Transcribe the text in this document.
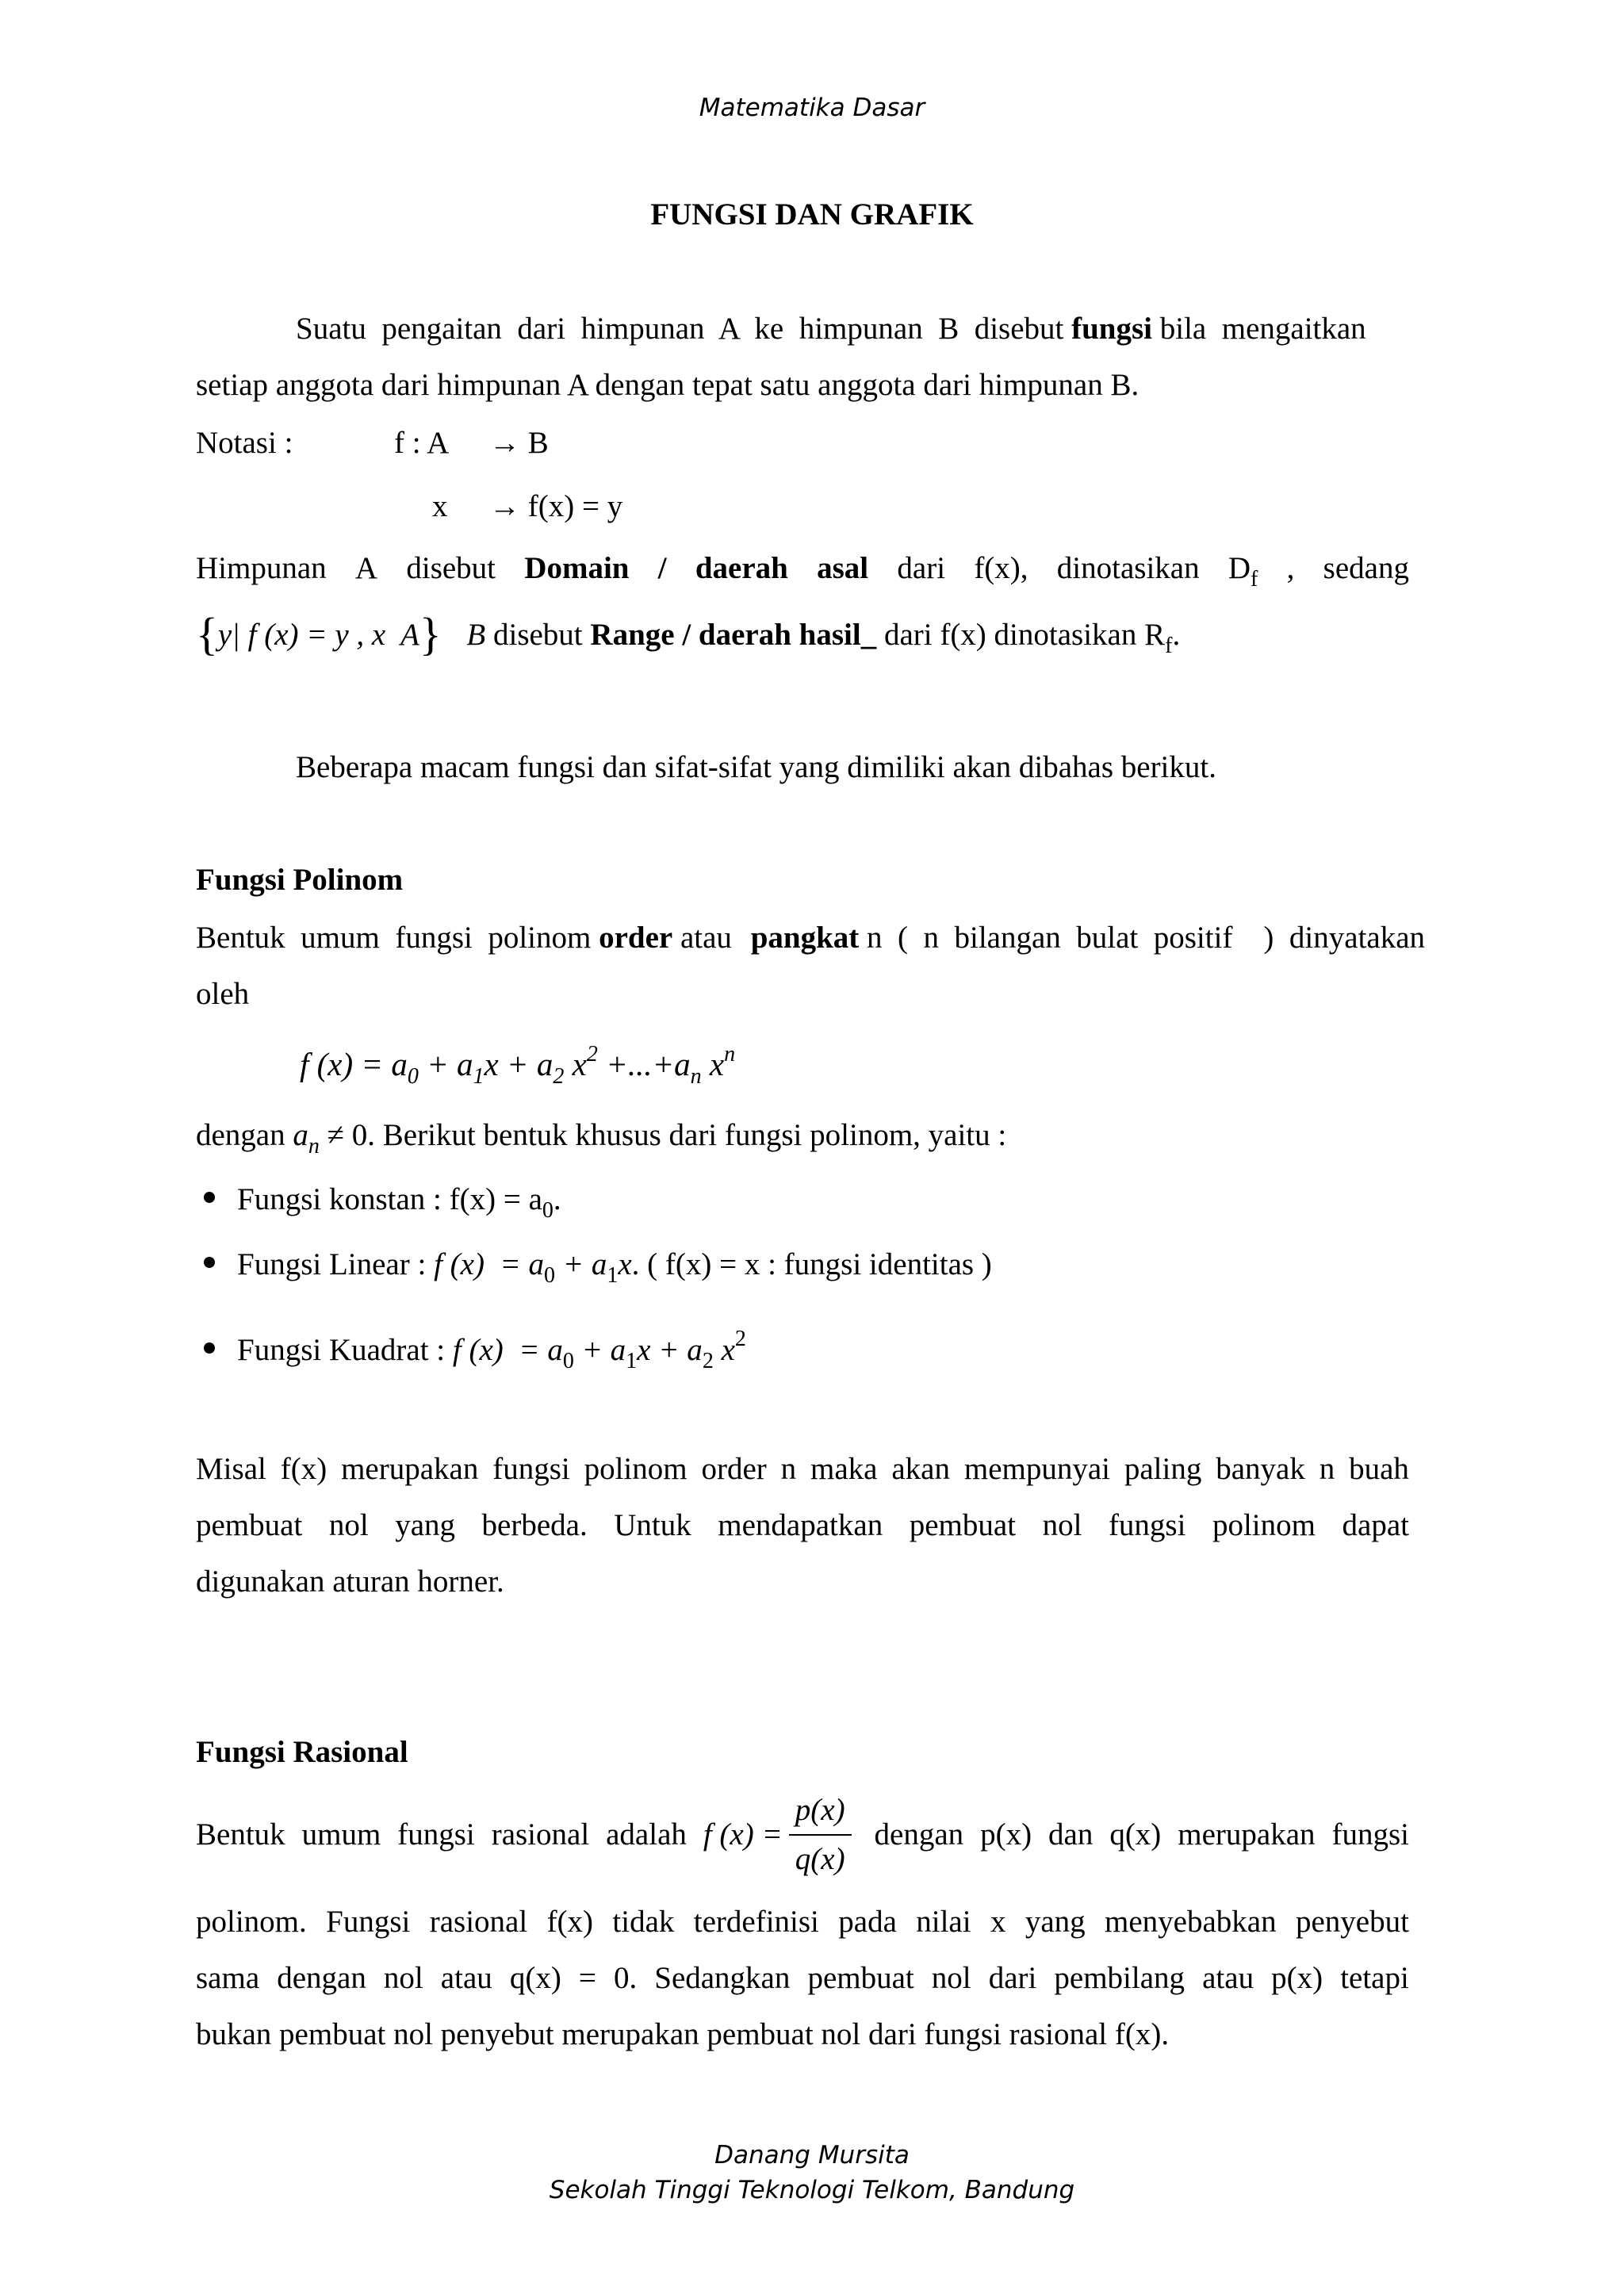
Matematika Dasar
FUNGSI DAN GRAFIK
Suatu  pengaitan  dari  himpunan  A  ke  himpunan  B  disebut fungsi bila  mengaitkan
setiap anggota dari himpunan A dengan tepat satu anggota dari himpunan B.
Notasi :	f : A → B
x → f(x) = y
Himpunan A disebut Domain / daerah asal dari f(x), dinotasikan $D_f$ , sedang
{y| f (x) = y , x  A} B disebut Range / daerah hasil_ dari f(x) dinotasikan $R_f$.
Beberapa macam fungsi dan sifat-sifat yang dimiliki akan dibahas berikut.
Fungsi Polinom
Bentuk  umum  fungsi  polinom order atau pangkat n  (  n  bilangan  bulat  positif    )  dinyatakan
oleh
f $(x) = a_0 + a_1x + a_2$ $x^2 +...+a_n$ $x^n$
dengan $a_n \ne 0$. Berikut bentuk khusus dari fungsi polinom, yaitu :
Fungsi konstan : $f(x) = a_0$.
Fungsi Linear : f $(x) = a_0 + a_1x$. ( f(x) = x : fungsi identitas )
Fungsi Kuadrat : f $(x) = a_0 + a_1x + a_2$ $x^2$
Misal f(x) merupakan fungsi polinom order n maka akan mempunyai paling banyak n buah
pembuat nol yang berbeda. Untuk mendapatkan pembuat nol fungsi polinom dapat
digunakan aturan horner.
Fungsi Rasional
Bentuk umum fungsi rasional adalah f $(x) = \frac{p(x)}{q(x)}$ dengan p(x) dan q(x) merupakan fungsi
polinom. Fungsi rasional f(x) tidak terdefinisi pada nilai x yang menyebabkan penyebut
sama dengan nol atau q(x) = 0. Sedangkan pembuat nol dari pembilang atau p(x) tetapi
bukan pembuat nol penyebut merupakan pembuat nol dari fungsi rasional f(x).
Danang Mursita
Sekolah Tinggi Teknologi Telkom, Bandung
